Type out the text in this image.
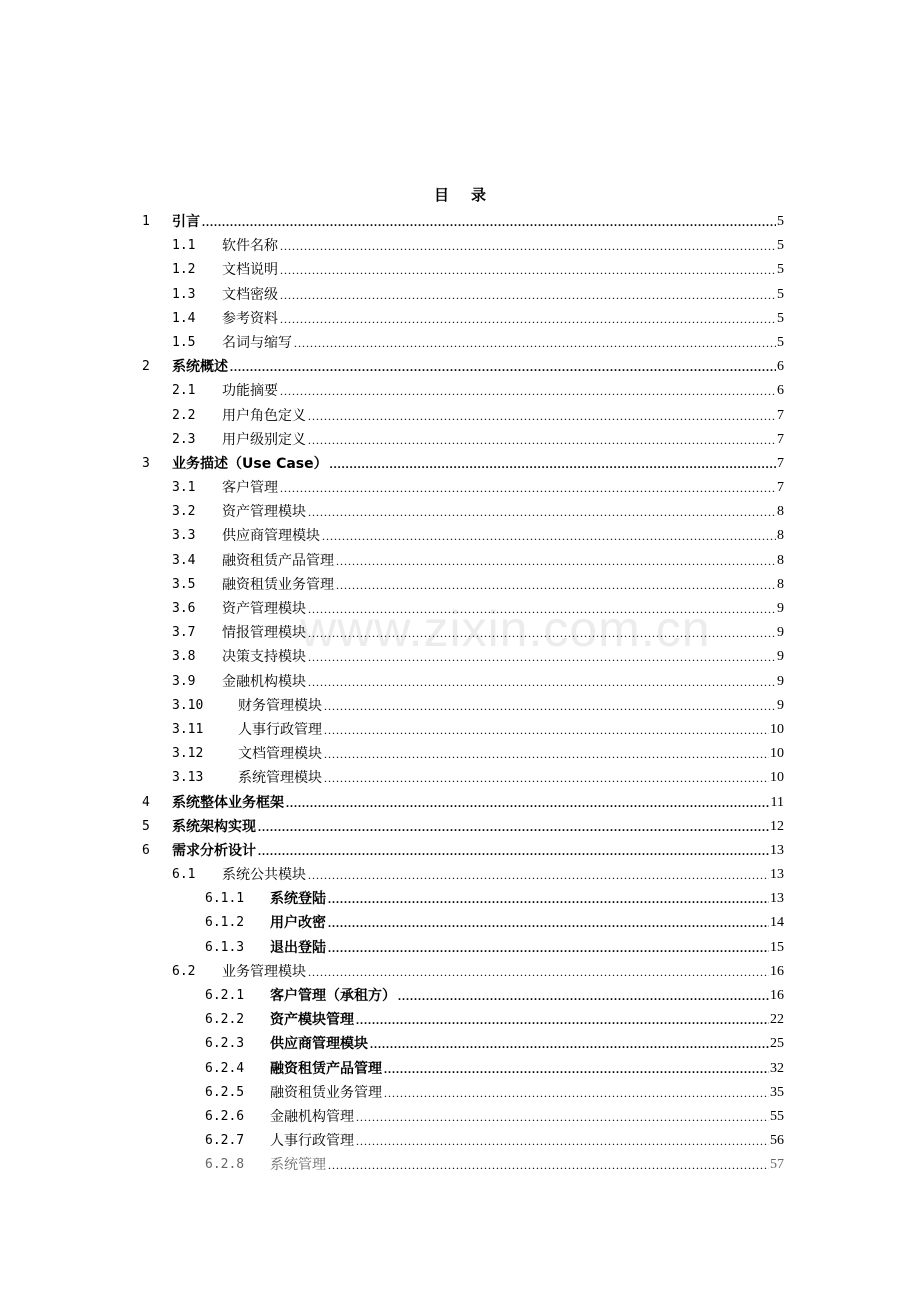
目 录
www.zixin.com.cn
1 引言 .....	5
1.1 软件名称 .....	5
1.2 文档说明 .....	5
1.3 文档密级 .....	5
1.4 参考资料 .....	5
1.5 名词与缩写 .....	5
2 系统概述 .....	6
2.1 功能摘要 .....	6
2.2 用户角色定义 .....	7
2.3 用户级别定义 .....	7
3 业务描述（Use Case） .....	7
3.1 客户管理 .....	7
3.2 资产管理模块 .....	8
3.3 供应商管理模块 .....	8
3.4 融资租赁产品管理 .....	8
3.5 融资租赁业务管理 .....	8
3.6 资产管理模块 .....	9
3.7 情报管理模块 .....	9
3.8 决策支持模块 .....	9
3.9 金融机构模块 .....	9
3.10 财务管理模块 .....	9
3.11 人事行政管理 .....	10
3.12 文档管理模块 .....	10
3.13 系统管理模块 .....	10
4 系统整体业务框架 .....	11
5 系统架构实现 .....	12
6 需求分析设计 .....	13
6.1 系统公共模块 .....	13
6.1.1 系统登陆 .....	13
6.1.2 用户改密 .....	14
6.1.3 退出登陆 .....	15
6.2 业务管理模块 .....	16
6.2.1 客户管理（承租方） .....	16
6.2.2 资产模块管理 .....	22
6.2.3 供应商管理模块 .....	25
6.2.4 融资租赁产品管理 .....	32
6.2.5 融资租赁业务管理 .....	35
6.2.6 金融机构管理 .....	55
6.2.7 人事行政管理 .....	56
6.2.8 系统管理 .....	57
